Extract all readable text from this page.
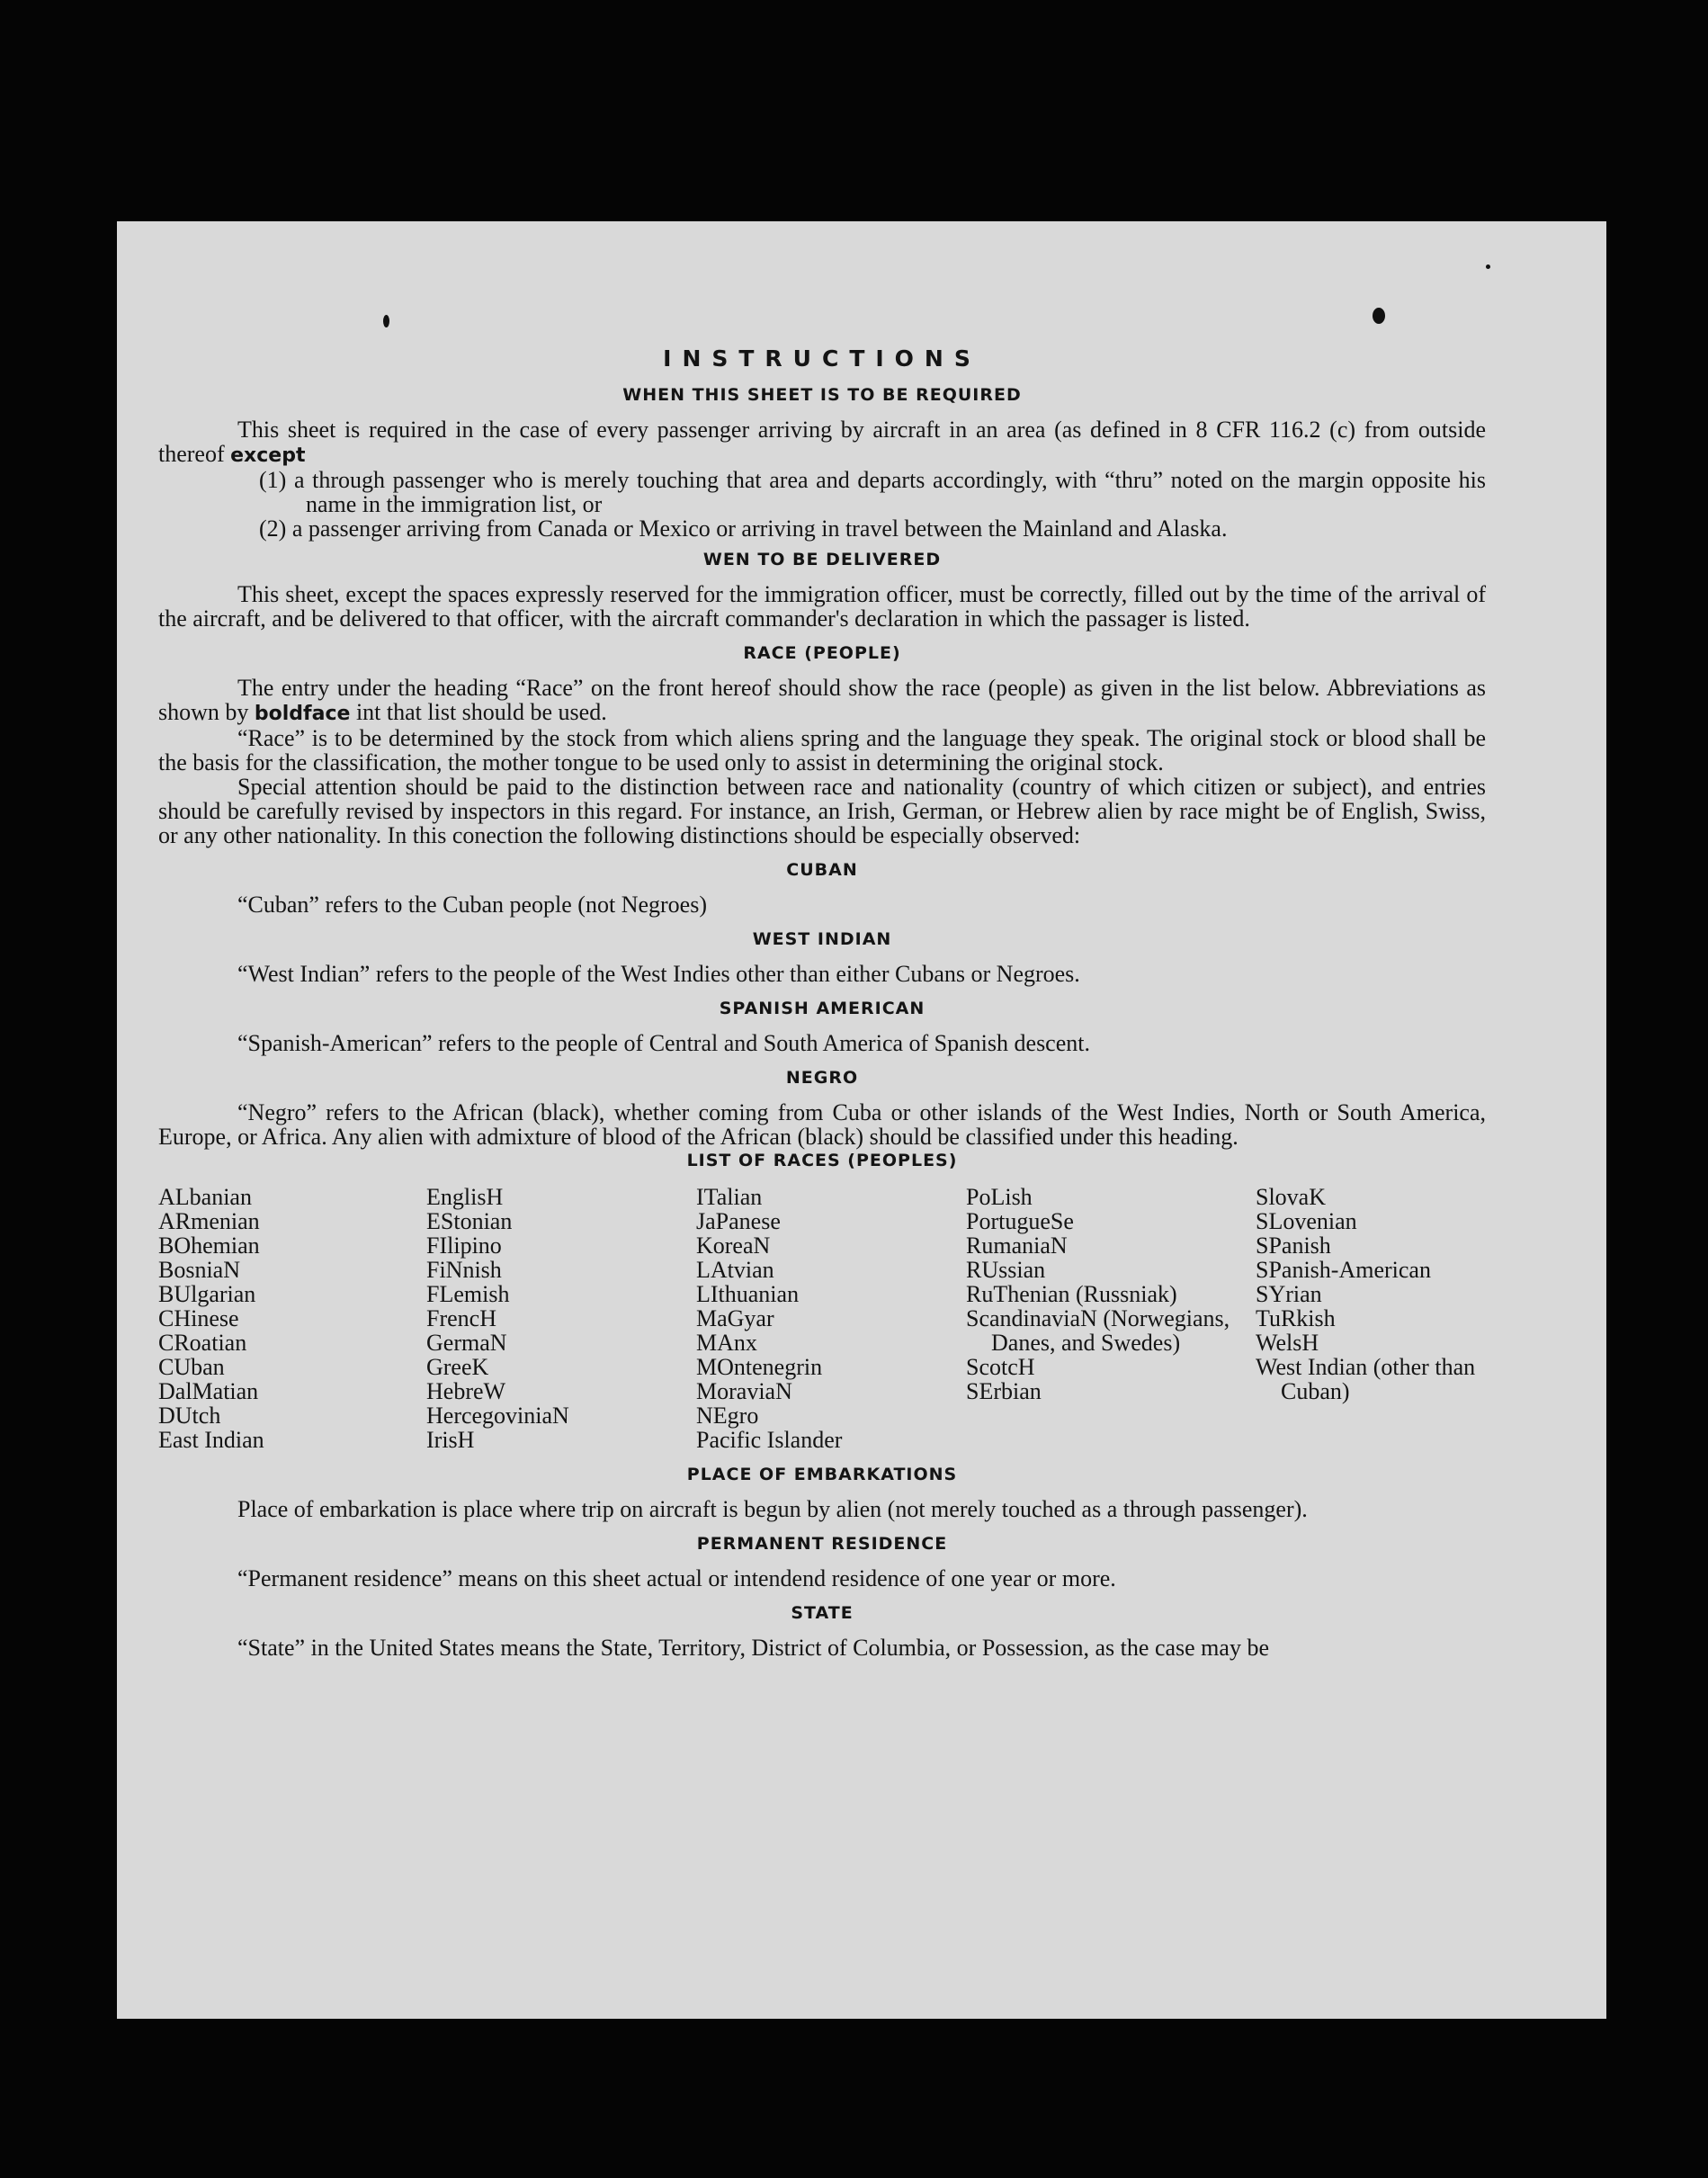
INSTRUCTIONS
WHEN THIS SHEET IS TO BE REQUIRED

This sheet is required in the case of every passenger arriving by aircraft in an area (as defined in 8 CFR 116.2 (c) from outside thereof except

(1) a through passenger who is merely touching that area and departs accordingly, with “thru” noted on the margin opposite his name in the immigration list, or

(2) a passenger arriving from Canada or Mexico or arriving in travel between the Mainland and Alaska.

WEN TO BE DELIVERED

This sheet, except the spaces expressly reserved for the immigration officer, must be correctly, filled out by the time of the arrival of the aircraft, and be delivered to that officer, with the aircraft commander's declaration in which the passager is listed.

RACE (PEOPLE)

The entry under the heading “Race” on the front hereof should show the race (people) as given in the list below. Abbreviations as shown by boldface int that list should be used.

“Race” is to be determined by the stock from which aliens spring and the language they speak. The original stock or blood shall be the basis for the classification, the mother tongue to be used only to assist in determining the original stock.

Special attention should be paid to the distinction between race and nationality (country of which citizen or subject), and entries should be carefully revised by inspectors in this regard. For instance, an Irish, German, or Hebrew alien by race might be of English, Swiss, or any other nationality. In this conection the following distinctions should be especially observed:

CUBAN

“Cuban” refers to the Cuban people (not Negroes)

WEST INDIAN

“West Indian” refers to the people of the West Indies other than either Cubans or Negroes.

SPANISH AMERICAN

“Spanish-American” refers to the people of Central and South America of Spanish descent.

NEGRO

“Negro” refers to the African (black), whether coming from Cuba or other islands of the West Indies, North or South America, Europe, or Africa. Any alien with admixture of blood of the African (black) should be classified under this heading.

LIST OF RACES (PEOPLES)
ALbanian
ARmenian
BOhemian
BosniaN
BUlgarian
CHinese
CRoatian
CUban
DalMatian
DUtch
East Indian
EnglisH
EStonian
FIlipino
FiNnish
FLemish
FrencH
GermaN
GreeK
HebreW
HercegoviniaN
IrisH
ITalian
JaPanese
KoreaN
LAtvian
LIthuanian
MaGyar
MAnx
MOntenegrin
MoraviaN
NEgro
Pacific Islander
PoLish
PortugueSe
RumaniaN
RUssian
RuThenian (Russniak)
ScandinaviaN (Norwegians, Danes, and Swedes)
ScotcH
SErbian
SlovaK
SLovenian
SPanish
SPanish-American
SYrian
TuRkish
WelsH
West Indian (other than Cuban)
PLACE OF EMBARKATIONS

Place of embarkation is place where trip on aircraft is begun by alien (not merely touched as a through passenger).

PERMANENT RESIDENCE

“Permanent residence” means on this sheet actual or intendend residence of one year or more.

STATE

“State” in the United States means the State, Territory, District of Columbia, or Possession, as the case may be
